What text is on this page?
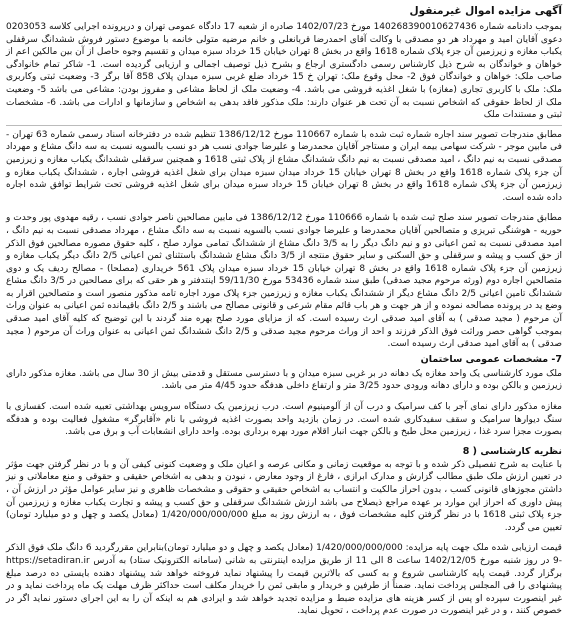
آگهی مزایده اموال غیرمنقول

بموجب دادنامه شماره 140268390010627436 مورخ 1402/07/23 صادره از شعبه 17 دادگاه عمومی تهران و درپرونده اجرایی کلاسه 0203053 دعوی آقایان امید و مهرداد هر دو مصدقی با وکالت آقای احمدرضا قربانعلی و خانم مرضیه متولی خانمه با موضوع دستور فروش ششدانگ سرقفلی یکباب مغازه و زیرزمین آن جزء پلاک شماره 1618 واقع در بخش 8 تهران خیابان 15 خرداد سبزه میدان و تقسیم وجوه حاصل از آن بین مالکین اعم از خواهان و خواندگان به شرح ذیل کارشناس رسمی دادگستری ارجاع و بشرح ذیل توصیف اجمالی و ارزیابی گردیده است. 1- شاکر تمام خانوادگی صاحب ملک: خواهان و خواندگان فوق 2- محل وقوع ملک: تهران خ 15 خرداد ضلع غربی سبزه میدان پلاک 858 آقا برگر 3- وضعیت ثبتی وکاربری ملک: ملک با کاربری تجاری (مغازه) با شغل اغذیه فروشی می باشد. 4- وضعیت ملک از لحاظ مشاعی و مفروز بودن: مشاعی می باشد 5- وضعیت ملک از لحاظ حقوقی که اشخاص نسبت به آن تحت هر عنوان دارند: ملک مذکور فاقد بدهی به اشخاص و سازمانها و ادارات می باشد. 6- مشخصات ثبتی و مستندات ملک

مطابق مندرجات تصویر سند اجاره شماره ثبت شده با شماره 110667 مورخ 1386/12/12 تنظیم شده در دفترخانه اسناد رسمی شماره 63 تهران - فی مابین موجر - شرکت سهامی بیمه ایران و مستاجر آقایان محمدرضا و علیرضا جوادی نسب هر دو نسب بالسویه نسبت به سه دانگ مشاع و مهرداد مصدقی نسبت به نیم دانگ ، امید مصدقی نسبت به نیم دانگ ششدانگ مشاع از پلاک ثبتی 1618 و همچنین سرقفلی ششدانگ یکباب مغازه و زیرزمین آن جزء پلاک شماره 1618 واقع در بخش 8 تهران خیابان 15 خرداد میدان سبزه میدان برای شغل اغذیه فروشی اجاره ، ششدانگ یکباب مغازه و زیرزمین آن جزء پلاک شماره 1618 واقع در بخش 8 تهران خیابان 15 خرداد سبزه میدان برای شغل اغذیه فروشی تحت شرایط توافق شده اجاره داده شده است.

مطابق مندرجات تصویر سند صلح ثبت شده با شماره 110666 مورخ 1386/12/12 فی مابین مصالحین ناصر جوادی نسب ، رقیه مهدوی پور وحدت و حوریه - هوشنگی تبریزی و متصالحین آقایان محمدرضا و علیرضا جوادی نسب بالسویه نسبت به سه دانگ مشاع ، مهرداد مصدقی نسبت به نیم دانگ ، امید مصدقی نسبت به ثمن اعیانی دو و نیم دانگ دیگر را به 3/5 دانگ مشاع از ششدانگ تمامی موارد صلح ، کلیه حقوق مصوره مصالحین فوق الذکر از حق کسب و پیشه و سرقفلی و حق السکنی و سایر حقوق منتجه از 3/5 دانگ مشاع ششدانگ باستثنای ثمن اعیانی 2/5 دانگ دیگر یکباب مغازه و زیرزمین آن جزء پلاک شماره 1618 واقع در بخش 8 تهران خیابان 15 خرداد سبزه میدان پلاک 561 خریداری (مصلحا) - مصالح ردیف یک و دوی متصالحین اجاره دوم (ورثه مرحوم مجید صدقی) طبق سند شماره 53436 مورخ 59/11/30 اینتدفتر و هر حقی که برای مصالحین در 3/5 دانگ مشاع ششدانگ تامین اعیانی 2/5 دانگ مشاع دیگر از ششدانگ یکباب مغازه و زیرزمین جزء پلاک مورد اجاره تامه مذکور منصور است و متصالحین اقرار به وضع ید در پرونده مصالحه نموده و از هر جهت و هر باب قائم مقام شرعی و قانونی مصالح می باشند و 2/5 دانگ باقیمانده ثمن اعیانی به عنوان وراث آن مرحوم ( مجید صدقی ) به آقای امید صدقی ارث رسیده است. که از مزایای مورد صلح بهره مند گردند با این توضیح که کلیه آقای امید صدقی بموجب گواهی حصر وراثت فوق الذکر فرزند و احد از وراث مرحوم مجید صدقی و 2/5 دانگ ششدانگ ثمن اعیانی به عنوان وراث آن مرحوم ( مجید صدقی ) به آقای امید صدقی ارث رسیده است.

7- مشخصات عمومی ساختمان

ملک مورد کارشناسی یک واحد مغازه یک دهانه در بر غربی سبزه میدان و با دسترسی مستقل و قدمتی بیش از 30 سال می باشد. مغازه مذکور دارای زیرزمین و بالکن بوده و دارای دهانه ورودی حدود 3/25 متر و ارتفاع داخلی هدفگه حدود 4/45 متر می باشد.

مغازه مذکور دارای نمای آجر با کف سرامیک و درب آن از آلومینیوم است. درب زیرزمین یک دستگاه سرویس بهداشتی تعبیه شده است. کفسازی با سنگ دیوارها سرامیک و سقف سفیدکاری شده است. در زمان بازدید واحد بصورت اغذیه فروشی با نام «آقابرگر» مشغول فعالیت بوده و هدفگه بصورت مجزا سرد غذا ، زیرزمین محل طبخ و بالکن جهت انبار اقلام مورد بهره برداری بوده. واحد دارای انشعابات آب و برق می باشد.

نظریه کارشناسی ( 8

با عنایت به شرح تفصیلی ذکر شده و با توجه به موقعیت زمانی و مکانی عرصه و اعیان ملک و وضعیت کنونی کیفی آن و با در نظر گرفتن جهت مؤثر در تعیین ارزش ملک طبق مطالب گزارش و مدارک ابرازی ، فارغ از وجود معارض ، نبودن و بدهی به اشخاص حقیقی و حقوقی و منع معاملاتی و نیز داشتن مجوزهای قانونی کسب ، بدون احراز مالکیت و انتساب به اشخاص حقیقی و حقوقی و مشخصات ظاهری و نیز سایر عوامل مؤثر در ارزش آن ، پیش داوری که احراز این موارد بر عهده مراجع ذیصلاح می باشد ارزش ششدانگ سرقفلی و حق کسب و پیشه و تجارت یکباب مغازه و زیرزمین آن جزء پلاک ثبتی 1618 با در نظر گرفتن کلیه مشخصات فوق ، به ارزش روز به مبلغ 1/420/000/000/000 (معادل یکصد و چهل و دو میلیارد تومان) تعیین می گردد.

قیمت ارزیابی شده ملک جهت پایه مزایده: 1/420/000/000/000 (معادل یکصد و چهل و دو میلیارد تومان)بنابراین مقررگردید 6 دانگ ملک فوق الذکر -9 در روز شنبه مورخ 1402/12/05 ساعت 8 الی 11 از طریق مزایده اینترنتی به شانی (سامانه الکترونیک ستاد) به آدرس https://setadiran.ir برگزار گردد. قیمت پایه کارشناسی شروع و به کسی که بالاترین قیمت را پیشنهاد نماید فروخته خواهد شد پیشنهاد دهنده بایستی ده درصد مبلغ پیشنهادی را فی المجلس پرداخت نماید. ضمناً از طرفین و خریدار و مابقی ثمن را خریدار مکلف است حداکثر ظرف مهلت یک ماه پرداخت نماید و در غیر اینصورت سپرده او پس از کسر هزینه های مزایده ضبط و مزایده تجدید خواهد شد و ایرادی هم به اینکه آن را به این اجرای دستور نماید اگر در خصوص کنند ، و در غیر اینصورت در صورت عدم پرداخت ، تحویل نماید.
